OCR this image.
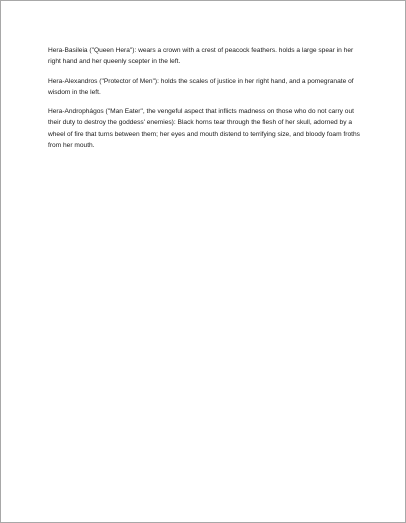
Hera-Basileia ("Queen Hera"): wears a crown with a crest of peacock feathers. holds a large spear in her right hand and her queenly scepter in the left.

Hera-Alexandros ("Protector of Men"): holds the scales of justice in her right hand, and a pomegranate of wisdom in the left.

Hera-Androphágos ("Man Eater", the vengeful aspect that inflicts madness on those who do not carry out their duty to destroy the goddess' enemies): Black horns tear through the flesh of her skull, adorned by a wheel of fire that turns between them; her eyes and mouth distend to terrifying size, and bloody foam froths from her mouth.
